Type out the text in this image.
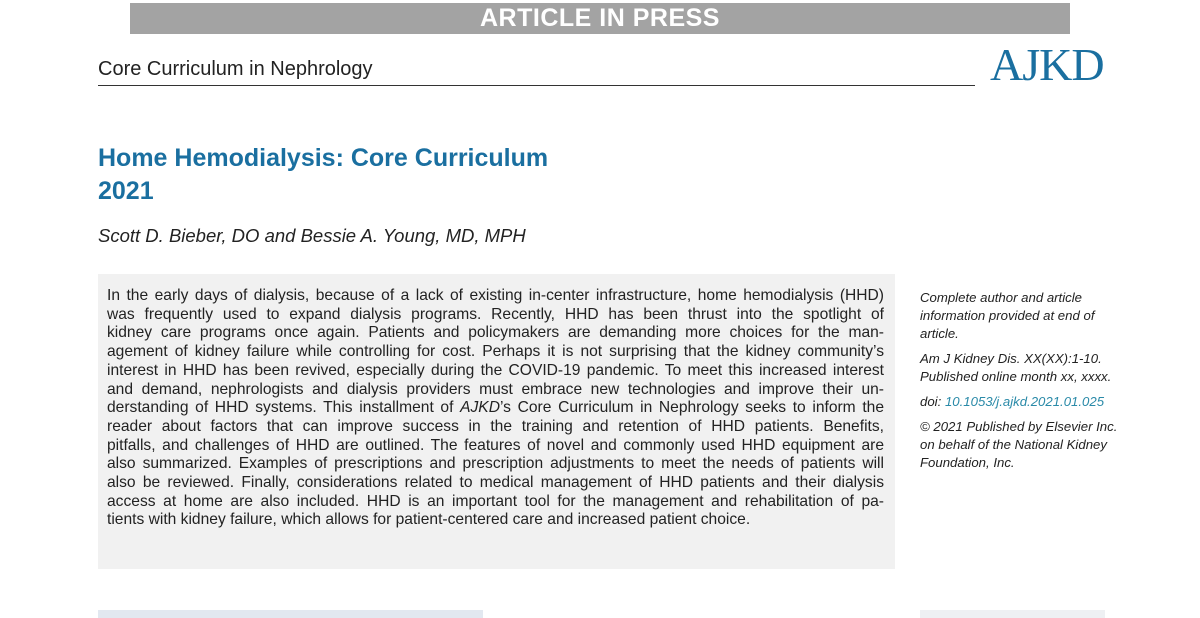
ARTICLE IN PRESS
Core Curriculum in Nephrology	AJKD
Home Hemodialysis: Core Curriculum
2021
Scott D. Bieber, DO and Bessie A. Young, MD, MPH
In the early days of dialysis, because of a lack of existing in-center infrastructure, home hemodialysis (HHD)
was frequently used to expand dialysis programs. Recently, HHD has been thrust into the spotlight of
kidney care programs once again. Patients and policymakers are demanding more choices for the man-
agement of kidney failure while controlling for cost. Perhaps it is not surprising that the kidney community’s
interest in HHD has been revived, especially during the COVID-19 pandemic. To meet this increased interest
and demand, nephrologists and dialysis providers must embrace new technologies and improve their un-
derstanding of HHD systems. This installment of AJKD’s Core Curriculum in Nephrology seeks to inform the
reader about factors that can improve success in the training and retention of HHD patients. Benefits,
pitfalls, and challenges of HHD are outlined. The features of novel and commonly used HHD equipment are
also summarized. Examples of prescriptions and prescription adjustments to meet the needs of patients will
also be reviewed. Finally, considerations related to medical management of HHD patients and their dialysis
access at home are also included. HHD is an important tool for the management and rehabilitation of pa-
tients with kidney failure, which allows for patient-centered care and increased patient choice.

Complete author and article information provided at end of article.

Am J Kidney Dis. XX(XX):1-10. Published online month xx, xxxx.

doi: 10.1053/j.ajkd.2021.01.025

© 2021 Published by Elsevier Inc. on behalf of the National Kidney Foundation, Inc.
